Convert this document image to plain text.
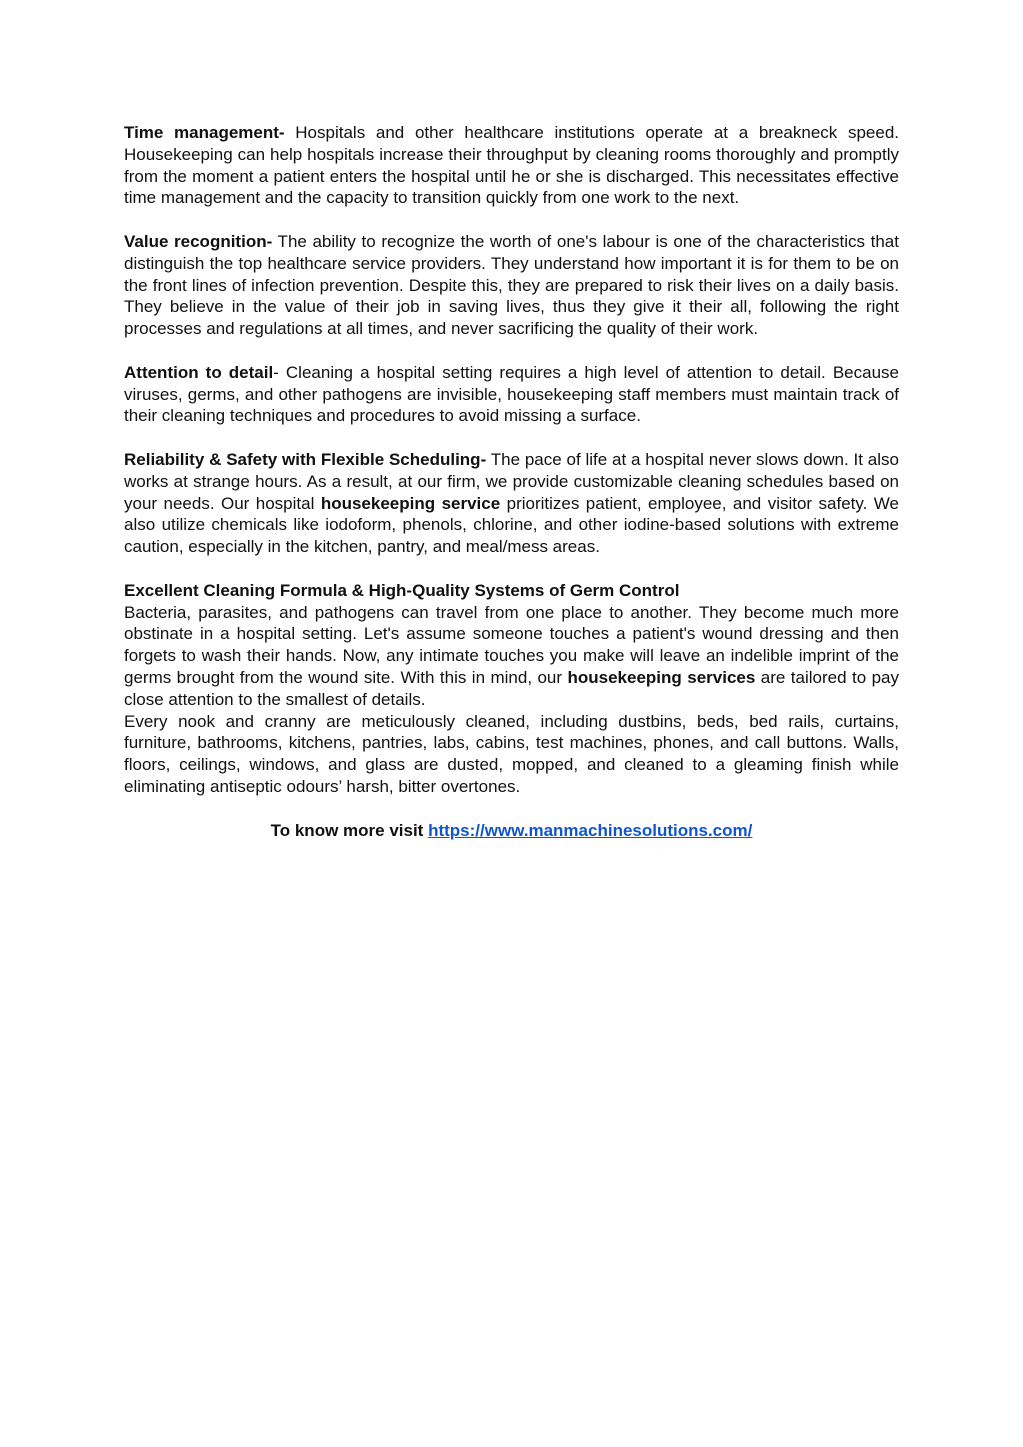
Time management- Hospitals and other healthcare institutions operate at a breakneck speed. Housekeeping can help hospitals increase their throughput by cleaning rooms thoroughly and promptly from the moment a patient enters the hospital until he or she is discharged. This necessitates effective time management and the capacity to transition quickly from one work to the next.

Value recognition- The ability to recognize the worth of one's labour is one of the characteristics that distinguish the top healthcare service providers. They understand how important it is for them to be on the front lines of infection prevention. Despite this, they are prepared to risk their lives on a daily basis. They believe in the value of their job in saving lives, thus they give it their all, following the right processes and regulations at all times, and never sacrificing the quality of their work.

Attention to detail- Cleaning a hospital setting requires a high level of attention to detail. Because viruses, germs, and other pathogens are invisible, housekeeping staff members must maintain track of their cleaning techniques and procedures to avoid missing a surface.

Reliability & Safety with Flexible Scheduling- The pace of life at a hospital never slows down. It also works at strange hours. As a result, at our firm, we provide customizable cleaning schedules based on your needs. Our hospital housekeeping service prioritizes patient, employee, and visitor safety. We also utilize chemicals like iodoform, phenols, chlorine, and other iodine-based solutions with extreme caution, especially in the kitchen, pantry, and meal/mess areas.

Excellent Cleaning Formula & High-Quality Systems of Germ Control

Bacteria, parasites, and pathogens can travel from one place to another. They become much more obstinate in a hospital setting. Let's assume someone touches a patient's wound dressing and then forgets to wash their hands. Now, any intimate touches you make will leave an indelible imprint of the germs brought from the wound site. With this in mind, our housekeeping services are tailored to pay close attention to the smallest of details.

Every nook and cranny are meticulously cleaned, including dustbins, beds, bed rails, curtains, furniture, bathrooms, kitchens, pantries, labs, cabins, test machines, phones, and call buttons. Walls, floors, ceilings, windows, and glass are dusted, mopped, and cleaned to a gleaming finish while eliminating antiseptic odours’ harsh, bitter overtones.

To know more visit https://www.manmachinesolutions.com/
